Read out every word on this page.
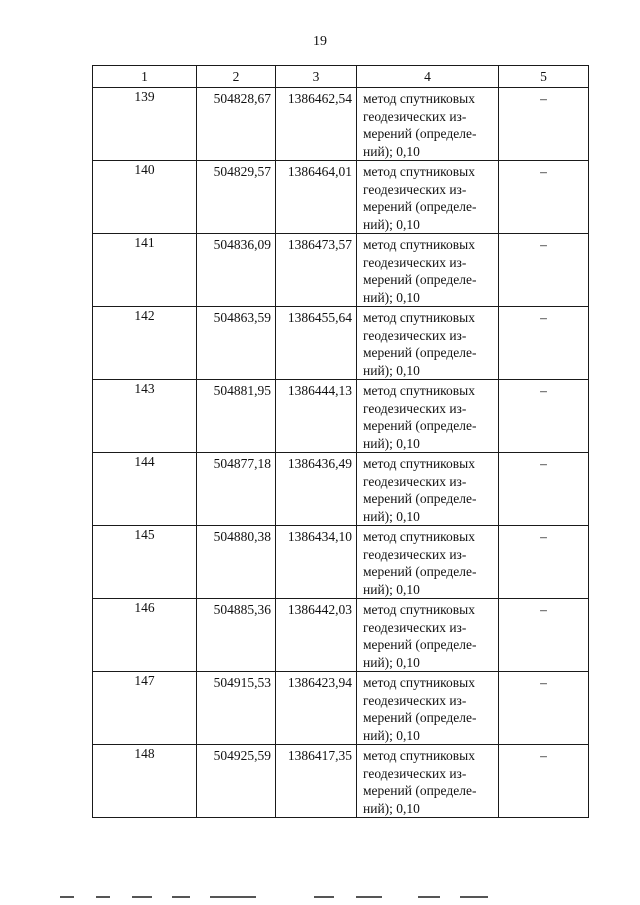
19
1	2	3	4	5
139	504828,67	1386462,54	метод спутниковых
геодезических из-
мерений (определе-
ний); 0,10	–
140	504829,57	1386464,01	метод спутниковых
геодезических из-
мерений (определе-
ний); 0,10	–
141	504836,09	1386473,57	метод спутниковых
геодезических из-
мерений (определе-
ний); 0,10	–
142	504863,59	1386455,64	метод спутниковых
геодезических из-
мерений (определе-
ний); 0,10	–
143	504881,95	1386444,13	метод спутниковых
геодезических из-
мерений (определе-
ний); 0,10	–
144	504877,18	1386436,49	метод спутниковых
геодезических из-
мерений (определе-
ний); 0,10	–
145	504880,38	1386434,10	метод спутниковых
геодезических из-
мерений (определе-
ний); 0,10	–
146	504885,36	1386442,03	метод спутниковых
геодезических из-
мерений (определе-
ний); 0,10	–
147	504915,53	1386423,94	метод спутниковых
геодезических из-
мерений (определе-
ний); 0,10	–
148	504925,59	1386417,35	метод спутниковых
геодезических из-
мерений (определе-
ний); 0,10	–
